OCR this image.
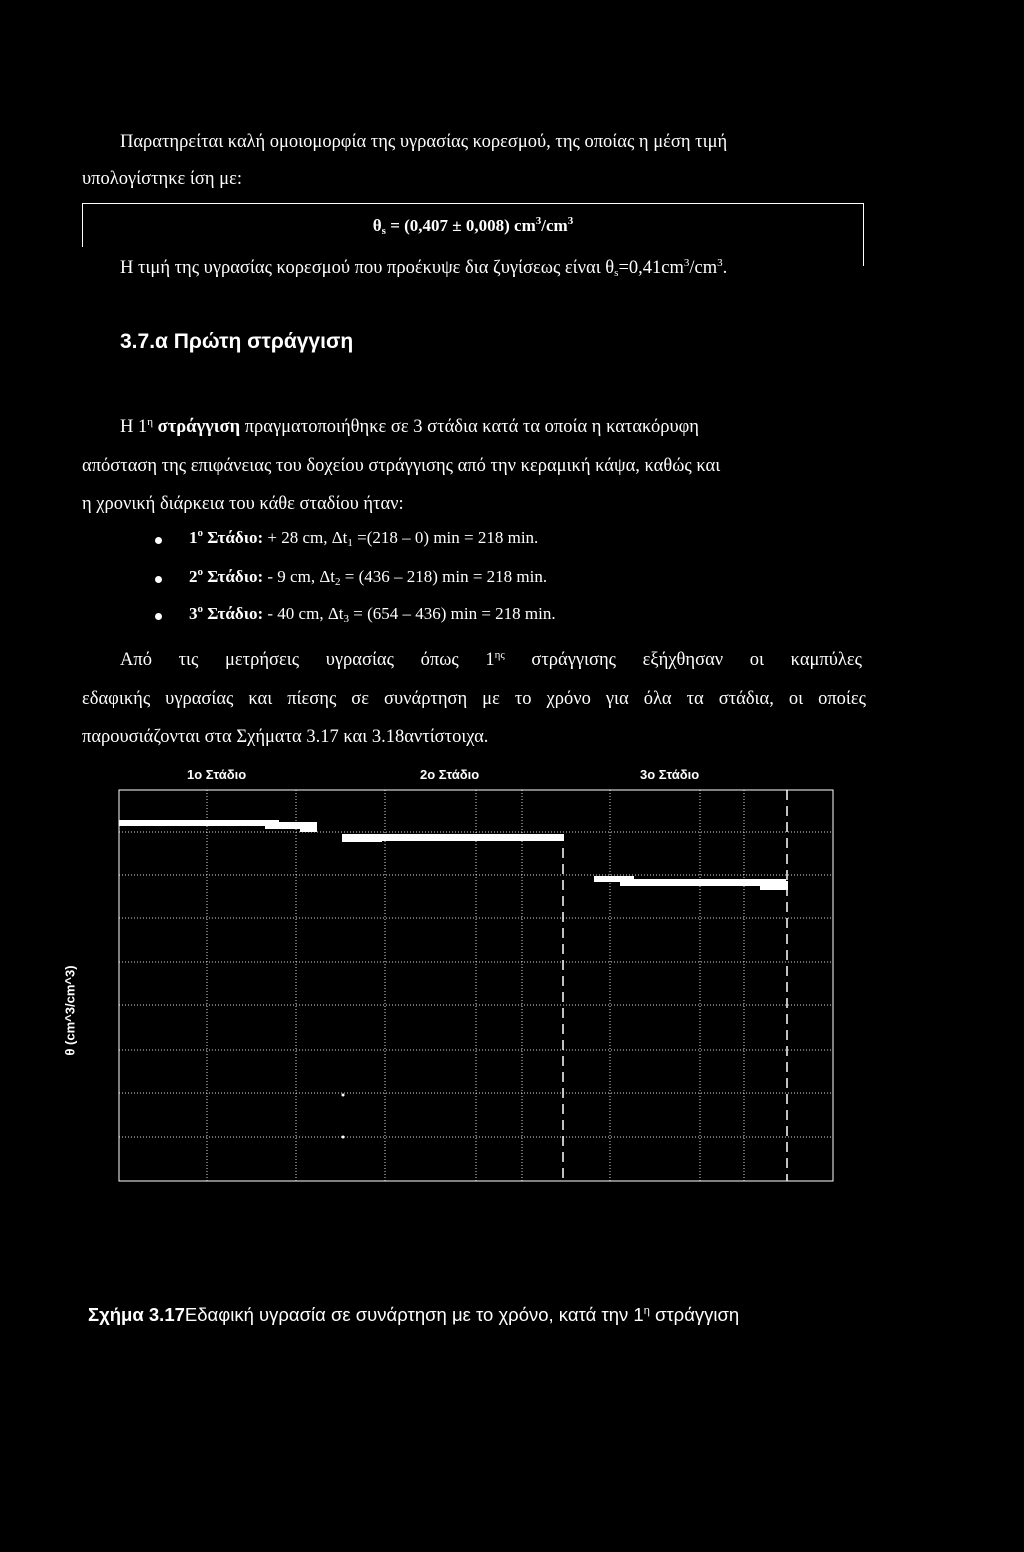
Παρατηρείται καλή ομοιομορφία της υγρασίας κορεσμού, της οποίας η μέση τιμή

υπολογίστηκε ίση με:

$\theta_s = (0,407 \pm 0,008)$ $cm^3/cm^3$

Η τιμή της υγρασίας κορεσμού που προέκυψε δια ζυγίσεως είναι $\theta_s=0,41cm^3/cm^3$.

3.7.α Πρώτη στράγγιση

Η $1^\eta$ στράγγιση πραγματοποιήθηκε σε 3 στάδια κατά τα οποία η κατακόρυφη

απόσταση της επιφάνειας του δοχείου στράγγισης από την κεραμική κάψα, καθώς και

η χρονική διάρκεια του κάθε σταδίου ήταν:

$1^o$ Στάδιο: + 28 cm, $\Delta t_1 =(218 - 0) \min = 218$ min.
$2^o$ Στάδιο: - 9 cm, $\Delta t_2 = (436 - 218) \min = 218$ min.
$3^o$ Στάδιο: - 40 cm, $\Delta t_3 = (654 - 436) \min = 218$ min.

Από τις μετρήσεις υγρασίας όπως $1^{\eta\varsigma}$ στράγγισης εξήχθησαν οι καμπύλες

εδαφικής υγρασίας και πίεσης σε συνάρτηση με το χρόνο για όλα τα στάδια, οι οποίες

παρουσιάζονται στα Σχήματα 3.17 και 3.18αντίστοιχα.

1ο Στάδιο	2ο Στάδιο	3ο Στάδιο
θ (cm^3/cm^3)

Σχήμα 3.17Εδαφική υγρασία σε συνάρτηση με το χρόνο, κατά την $1^\eta$ στράγγιση
